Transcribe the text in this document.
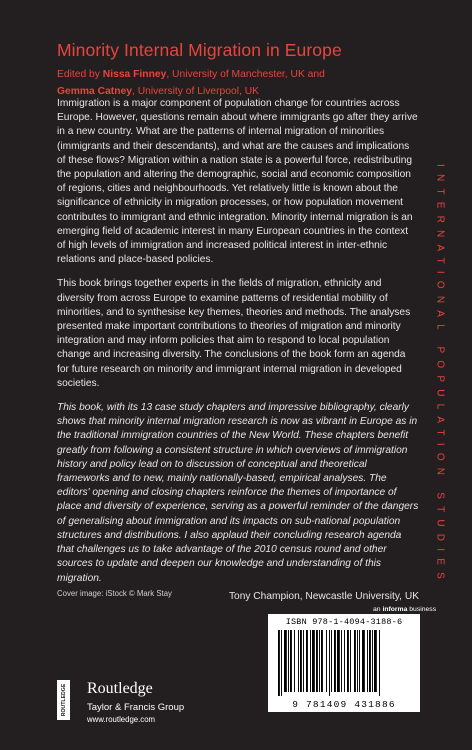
Minority Internal Migration in Europe
Edited by Nissa Finney, University of Manchester, UK and
Gemma Catney, University of Liverpool, UK

Immigration is a major component of population change for countries across Europe. However, questions remain about where immigrants go after they arrive in a new country. What are the patterns of internal migration of minorities (immigrants and their descendants), and what are the causes and implications of these flows? Migration within a nation state is a powerful force, redistributing the population and altering the demographic, social and economic composition of regions, cities and neighbourhoods. Yet relatively little is known about the significance of ethnicity in migration processes, or how population movement contributes to immigrant and ethnic integration. Minority internal migration is an emerging field of academic interest in many European countries in the context of high levels of immigration and increased political interest in inter-ethnic relations and place-based policies.

This book brings together experts in the fields of migration, ethnicity and diversity from across Europe to examine patterns of residential mobility of minorities, and to synthesise key themes, theories and methods. The analyses presented make important contributions to theories of migration and minority integration and may inform policies that aim to respond to local population change and increasing diversity. The conclusions of the book form an agenda for future research on minority and immigrant internal migration in developed societies.

This book, with its 13 case study chapters and impressive bibliography, clearly shows that minority internal migration research is now as vibrant in Europe as in the traditional immigration countries of the New World. These chapters benefit greatly from following a consistent structure in which overviews of immigration history and policy lead on to discussion of conceptual and theoretical frameworks and to new, mainly nationally-based, empirical analyses. The editors' opening and closing chapters reinforce the themes of importance of place and diversity of experience, serving as a powerful reminder of the dangers of generalising about immigration and its impacts on sub-national population structures and distributions. I also applaud their concluding research agenda that challenges us to take advantage of the 2010 census round and other sources to update and deepen our knowledge and understanding of this migration.

Tony Champion, Newcastle University, UK

Cover image: iStock © Mark Stay
an informa business
ISBN 978-1-4094-3188-6
9 781409 431886
ROUTLEDGE Routledge
Taylor & Francis Group
www.routledge.com
INTERNATIONAL POPULATION STUDIES
